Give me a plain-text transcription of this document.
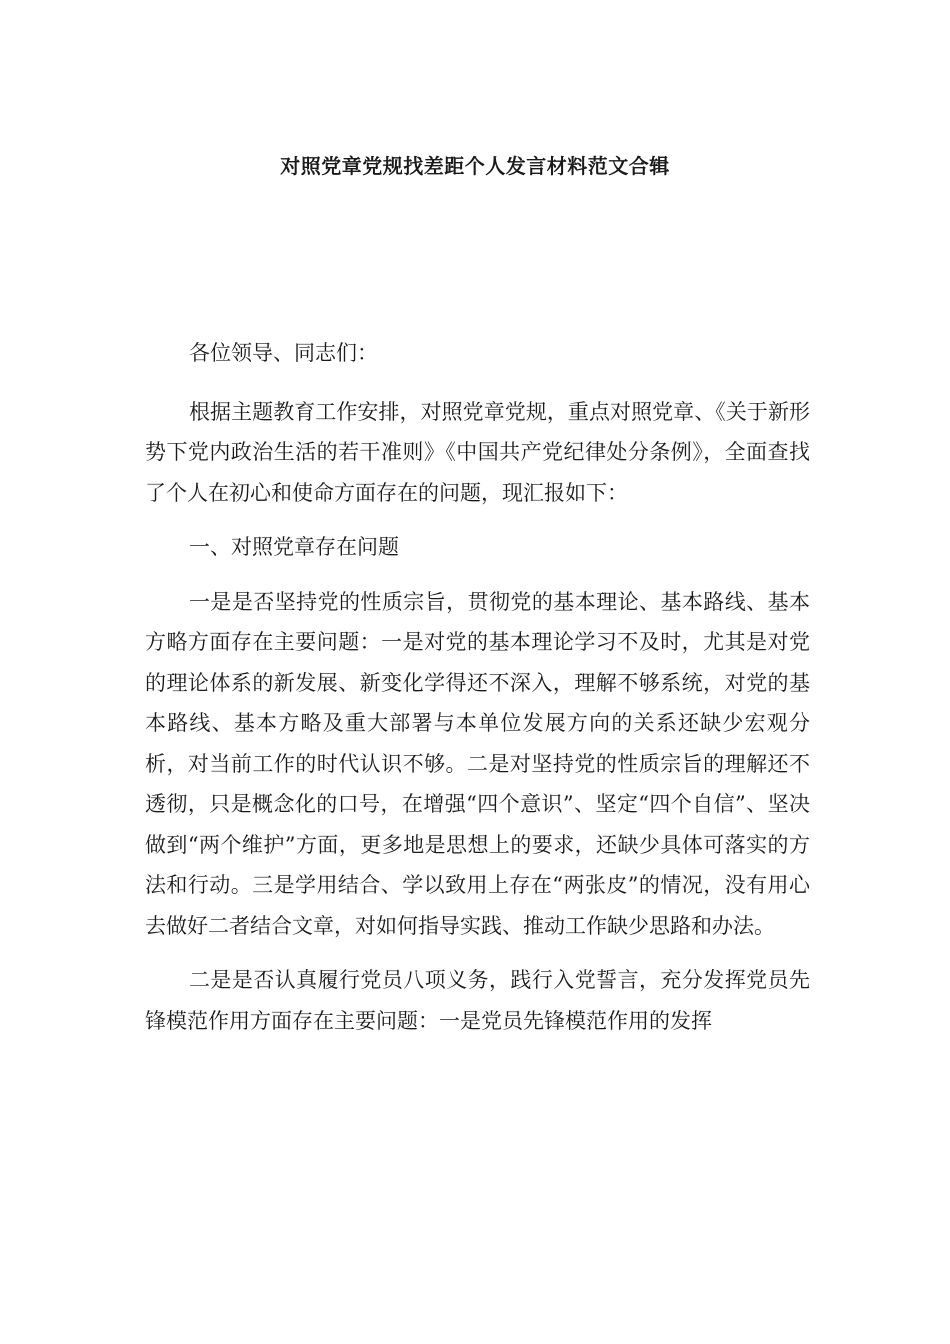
对照党章党规找差距个人发言材料范文合辑

各位领导、同志们：

根据主题教育工作安排，对照党章党规，重点对照党章、《关于新形势下党内政治生活的若干准则》《中国共产党纪律处分条例》，全面查找了个人在初心和使命方面存在的问题，现汇报如下：

一、对照党章存在问题

一是是否坚持党的性质宗旨，贯彻党的基本理论、基本路线、基本方略方面存在主要问题：一是对党的基本理论学习不及时，尤其是对党的理论体系的新发展、新变化学得还不深入，理解不够系统，对党的基本路线、基本方略及重大部署与本单位发展方向的关系还缺少宏观分析，对当前工作的时代认识不够。二是对坚持党的性质宗旨的理解还不透彻，只是概念化的口号，在增强“四个意识”、坚定“四个自信”、坚决做到“两个维护”方面，更多地是思想上的要求，还缺少具体可落实的方法和行动。三是学用结合、学以致用上存在“两张皮”的情况，没有用心去做好二者结合文章，对如何指导实践、推动工作缺少思路和办法。

二是是否认真履行党员八项义务，践行入党誓言，充分发挥党员先锋模范作用方面存在主要问题：一是党员先锋模范作用的发挥
